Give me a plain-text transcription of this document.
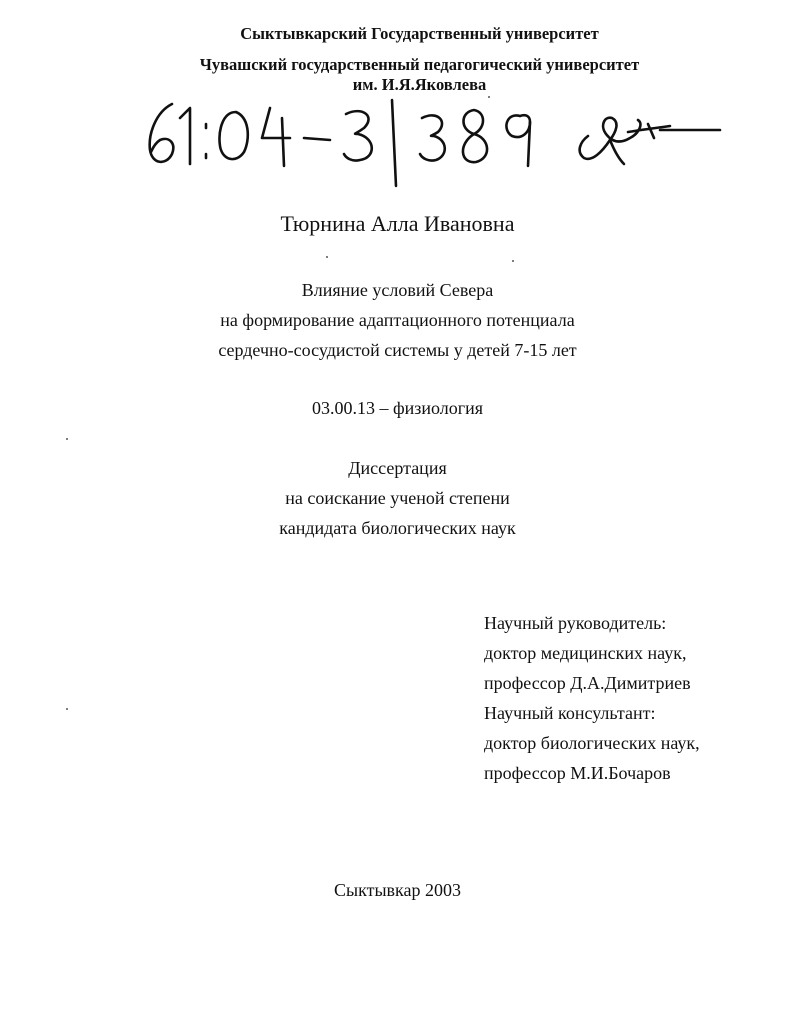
Сыктывкарский Государственный университет
Чувашский государственный педагогический университет
им. И.Я.Яковлева
Тюрнина Алла Ивановна
Влияние условий Севера
на формирование адаптационного потенциала
сердечно-сосудистой системы у детей 7-15 лет
03.00.13 – физиология
Диссертация
на соискание ученой степени
кандидата биологических наук
Научный руководитель:
доктор медицинских наук,
профессор Д.А.Димитриев
Научный консультант:
доктор биологических наук,
профессор М.И.Бочаров
Сыктывкар 2003
